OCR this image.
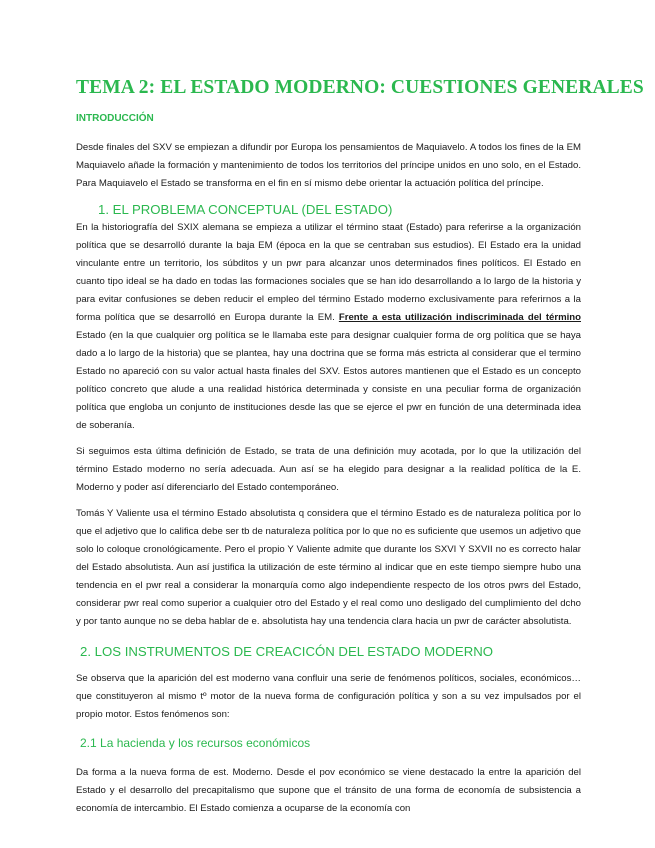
TEMA 2: EL ESTADO MODERNO: CUESTIONES GENERALES
INTRODUCCIÓN

Desde finales del SXV se empiezan a difundir por Europa los pensamientos de Maquiavelo. A todos los fines de la EM Maquiavelo añade la formación y mantenimiento de todos los territorios del príncipe unidos en uno solo, en el Estado. Para Maquiavelo el Estado se transforma en el fin en sí mismo debe orientar la actuación política del príncipe.

1. EL PROBLEMA CONCEPTUAL (DEL ESTADO)

En la historiografía del SXIX alemana se empieza a utilizar el término staat (Estado) para referirse a la organización política que se desarrolló durante la baja EM (época en la que se centraban sus estudios). El Estado era la unidad vinculante entre un territorio, los súbditos y un pwr para alcanzar unos determinados fines políticos. El Estado en cuanto tipo ideal se ha dado en todas las formaciones sociales que se han ido desarrollando a lo largo de la historia y para evitar confusiones se deben reducir el empleo del término Estado moderno exclusivamente para referirnos a la forma política que se desarrolló en Europa durante la EM. Frente a esta utilización indiscriminada del término Estado (en la que cualquier org política se le llamaba este para designar cualquier forma de org política que se haya dado a lo largo de la historia) que se plantea, hay una doctrina que se forma más estricta al considerar que el termino Estado no apareció con su valor actual hasta finales del SXV. Estos autores mantienen que el Estado es un concepto político concreto que alude a una realidad histórica determinada y consiste en una peculiar forma de organización política que engloba un conjunto de instituciones desde las que se ejerce el pwr en función de una determinada idea de soberanía.

Si seguimos esta última definición de Estado, se trata de una definición muy acotada, por lo que la utilización del término Estado moderno no sería adecuada. Aun así se ha elegido para designar a la realidad política de la E. Moderno y poder así diferenciarlo del Estado contemporáneo.

Tomás Y Valiente usa el término Estado absolutista q considera que el término Estado es de naturaleza política por lo que el adjetivo que lo califica debe ser tb de naturaleza política por lo que no es suficiente que usemos un adjetivo que solo lo coloque cronológicamente. Pero el propio Y Valiente admite que durante los SXVI Y SXVII no es correcto halar del Estado absolutista. Aun así justifica la utilización de este término al indicar que en este tiempo siempre hubo una tendencia en el pwr real a considerar la monarquía como algo independiente respecto de los otros pwrs del Estado, considerar pwr real como superior a cualquier otro del Estado y el real como uno desligado del cumplimiento del dcho y por tanto aunque no se deba hablar de e. absolutista hay una tendencia clara hacia un pwr de carácter absolutista.

2. LOS INSTRUMENTOS DE CREACICÓN DEL ESTADO MODERNO

Se observa que la aparición del est moderno vana confluir una serie de fenómenos políticos, sociales, económicos… que constituyeron al mismo tº motor de la nueva forma de configuración política y son a su vez impulsados por el propio motor. Estos fenómenos son:

2.1 La hacienda y los recursos económicos

Da forma a la nueva forma de est. Moderno. Desde el pov económico se viene destacado la entre la aparición del Estado y el desarrollo del precapitalismo que supone que el tránsito de una forma de economía de subsistencia a economía de intercambio. El Estado comienza a ocuparse de la economía con
